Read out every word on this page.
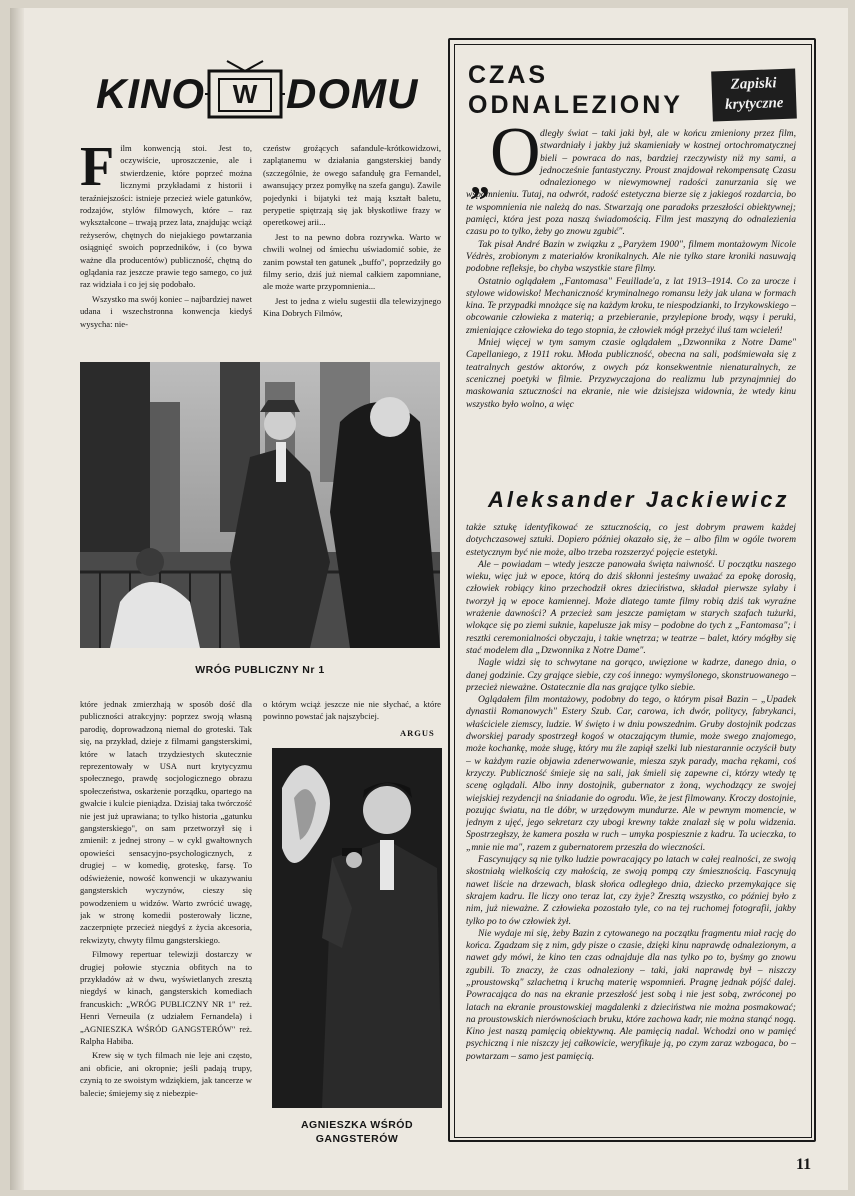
KINO	W DOMU
F ilm konwencją stoi. Jest to, oczywiście, uproszczenie, ale i stwierdzenie, które poprzeć można licznymi przykładami z historii i teraźniejszości: istnieje przecież wiele gatunków, rodzajów, stylów filmowych, które – raz wykształcone – trwają przez lata, znajdując wciąż reżyserów, chętnych do niejakiego powtarzania osiągnięć swoich poprzedników, i (co bywa ważne dla producentów) publiczność, chętną do oglądania raz jeszcze prawie tego samego, co już raz widziała i co jej się podobało.

Wszystko ma swój koniec – najbardziej nawet udana i wszechstronna konwencja kiedyś wysycha: nie-

czeństw groźących safandule-krótkowidzowi, zaplątanemu w działania gangsterskiej bandy (szczególnie, że owego safandułę gra Fernandel, awansujący przez pomyłkę na szefa gangu). Zawile pojedynki i bijatyki też mają kształt baletu, perypetie spiętrzają się jak błyskotliwe frazy w operetkowej arii...

Jest to na pewno dobra rozrywka. Warto w chwili wolnej od śmiechu uświadomić sobie, że zanim powstał ten gatunek „buffo", poprzedziły go filmy serio, dziś już niemal całkiem zapomniane, ale może warte przypomnienia...

Jest to jedna z wielu sugestii dla telewizyjnego Kina Dobrych Filmów,

WRÓG PUBLICZNY Nr 1

które jednak zmierzhają w sposób dość dla publiczności atrakcyjny: poprzez swoją własną parodię, doprowadzoną niemal do groteski. Tak się, na przykład, dzieje z filmami gangsterskimi, które w latach trzydziestych skutecznie reprezentowały w USA nurt krytycyzmu społecznego, prawdę socjologicznego obrazu społeczeństwa, oskarżenie porządku, opartego na gwałcie i kulcie pieniądza. Dzisiaj taka twórczość nie jest już uprawiana; to tylko historia „gatunku gangsterskiego", on sam przetworzył się i zmienił: z jednej strony – w cykl gwałtownych opowieści sensacyjno-psychologicznych, z drugiej – w komedię, groteskę, farsę. To odświeżenie, nowość konwencji w ukazywaniu gangsterskich wyczynów, cieszy się powodzeniem u widzów. Warto zwrócić uwagę, jak w stronę komedii posterowały liczne, zaczerpnięte przecież niegdyś z życia akcesoria, rekwizyty, chwyty filmu gangsterskiego.

Filmowy repertuar telewizji dostarczy w drugiej połowie stycznia obfitych na to przykładów aż w dwu, wyświetlanych zresztą niegdyś w kinach, gangsterskich komediach francuskich: „WRÓG PUBLICZNY NR 1" reż. Henri Verneuila (z udziałem Fernandela) i „AGNIESZKA WŚRÓD GANGSTERÓW" reż. Ralpha Habiba.

Krew się w tych filmach nie leje ani często, ani obficie, ani okropnie; jeśli padają trupy, czynią to ze swoistym wdziękiem, jak tancerze w balecie; śmiejemy się z niebezpie-

o którym wciąż jeszcze nie nie słychać, a które powinno powstać jak najszybciej.

ARGUS
AGNIESZKA WŚRÓD
GANGSTERÓW
CZAS
ODNALEZIONY
Zapiski
krytyczne
„ O dległy świat – taki jaki był, ale w końcu zmieniony przez film, stwardniały i jakby już skamieniały w kostnej ortochromatycznej bieli – powraca do nas, bardziej rzeczywisty niż my sami, a jednocześnie fantastyczny. Proust znajdował rekompensatę Czasu odnalezionego w niewymownej radości zanurzania się we wspomnieniu. Tutaj, na odwrót, radość estetyczna bierze się z jakiegoś rozdarcia, bo te wspomnienia nie należą do nas. Stwarzają one paradoks przeszłości obiektywnej; pamięci, która jest poza naszą świadomością. Film jest maszyną do odnalezienia czasu po to tylko, żeby go znowu zgubić".

Tak pisał André Bazin w związku z „Paryżem 1900", filmem montażowym Nicole Védrès, zrobionym z materiałów kronikalnych. Ale nie tylko stare kroniki nasuwają podobne refleksje, bo chyba wszystkie stare filmy.

Ostatnio oglądałem „Fantomasa" Feuillade'a, z lat 1913–1914. Co za urocze i stylowe widowisko! Mechaniczność kryminalnego romansu leży jak ulana w formach kina. Te przypadki mnożące się na każdym kroku, te niespodzianki, to Irzykowskiego – obcowanie człowieka z materią; a przebieranie, przylepione brody, wąsy i peruki, zmieniające człowieka do tego stopnia, że człowiek mógł przeżyć iluś tam wcieleń!

Mniej więcej w tym samym czasie oglądałem „Dzwonnika z Notre Dame" Capellaniego, z 1911 roku. Młoda publiczność, obecna na sali, podśmiewała się z teatralnych gestów aktorów, z owych póz konsekwentnie nienaturalnych, ze scenicznej poetyki w filmie. Przyzwyczajona do realizmu lub przynajmniej do maskowania sztuczności na ekranie, nie wie dzisiejsza widownia, że wtedy kinu wszystko było wolno, a więc

Aleksander Jackiewicz

także sztukę identyfikować ze sztucznością, co jest dobrym prawem każdej dotychczasowej sztuki. Dopiero później okazało się, że – albo film w ogóle tworem estetycznym być nie może, albo trzeba rozszerzyć pojęcie estetyki.

Ale – powiadam – wtedy jeszcze panowała święta naiwność. U początku naszego wieku, więc już w epoce, którą do dziś skłonni jesteśmy uważać za epokę dorosłą, człowiek robiący kino przechodził okres dzieciństwa, składał pierwsze sylaby i tworzył ją w epoce kamiennej. Może dlatego tamte filmy robią dziś tak wyraźne wrażenie dawności? A przecież sam jeszcze pamiętam w starych szafach tużurki, wlokące się po ziemi suknie, kapelusze jak misy – podobne do tych z „Fantomasa"; i resztki ceremonialności obyczaju, i takie wnętrza; w teatrze – balet, który mógłby się stać modelem dla „Dzwonnika z Notre Dame".

Nagle widzi się to schwytane na gorąco, uwięzione w kadrze, danego dnia, o danej godzinie. Czy grające siebie, czy coś innego: wymyślonego, skonstruowanego – przecież nieważne. Ostatecznie dla nas grające tylko siebie.

Oglądałem film montażowy, podobny do tego, o którym pisał Bazin – „Upadek dynastii Romanowych" Estery Szub. Car, carowa, ich dwór, politycy, fabrykanci, właściciele ziemscy, ludzie. W święto i w dniu powszednim. Gruby dostojnik podczas dworskiej parady spostrzegł kogoś w otaczającym tłumie, może swego znajomego, może kochankę, może sługę, który mu źle zapiął szelki lub niestarannie oczyścił buty – w każdym razie objawia zdenerwowanie, miesza szyk parady, macha rękami, coś krzyczy. Publiczność śmieje się na sali, jak śmieli się zapewne ci, którzy wtedy tę scenę oglądali. Albo inny dostojnik, gubernator z żoną, wychodzący ze swojej wiejskiej rezydencji na śniadanie do ogrodu. Wie, że jest filmowany. Kroczy dostojnie, pozując światu, na tle dóbr, w urzędowym mundurze. Ale w pewnym momencie, w jednym z ujęć, jego sekretarz czy ubogi krewny także znalazł się w polu widzenia. Spostrzegłszy, że kamera poszła w ruch – umyka pospiesznie z kadru. Ta ucieczka, to „mnie nie ma", razem z gubernatorem przeszła do wieczności.

Fascynujący są nie tylko ludzie powracający po latach w całej realności, ze swoją skostniałą wielkością czy małością, ze swoją pompą czy śmiesznością. Fascynują nawet liście na drzewach, blask słońca odległego dnia, dziecko przemykające się skrajem kadru. Ile liczy ono teraz lat, czy żyje? Zresztą wszystko, co później było z nim, już nieważne. Z człowieka pozostało tyle, co na tej ruchomej fotografii, jakby tylko po to ów człowiek żył.

Nie wydaje mi się, żeby Bazin z cytowanego na początku fragmentu miał rację do końca. Zgadzam się z nim, gdy pisze o czasie, dzięki kinu naprawdę odnalezionym, a nawet gdy mówi, że kino ten czas odnajduje dla nas tylko po to, byśmy go znowu zgubili. To znaczy, że czas odnaleziony – taki, jaki naprawdę był – niszczy „proustowską" szlachetną i kruchą materię wspomnień. Pragnę jednak pójść dalej. Powracająca do nas na ekranie przeszłość jest sobą i nie jest sobą, zwróconej po latach na ekranie proustowskiej magdalenki z dzieciństwa nie można posmakować; na proustowskich nierównościach bruku, które zachowa kadr, nie można stanąć nogą. Kino jest naszą pamięcią obiektywną. Ale pamięcią nadal. Wchodzi ono w pamięć psychiczną i nie niszczy jej całkowicie, weryfikuje ją, po czym zaraz wzbogaca, bo – powtarzam – samo jest pamięcią.

11
